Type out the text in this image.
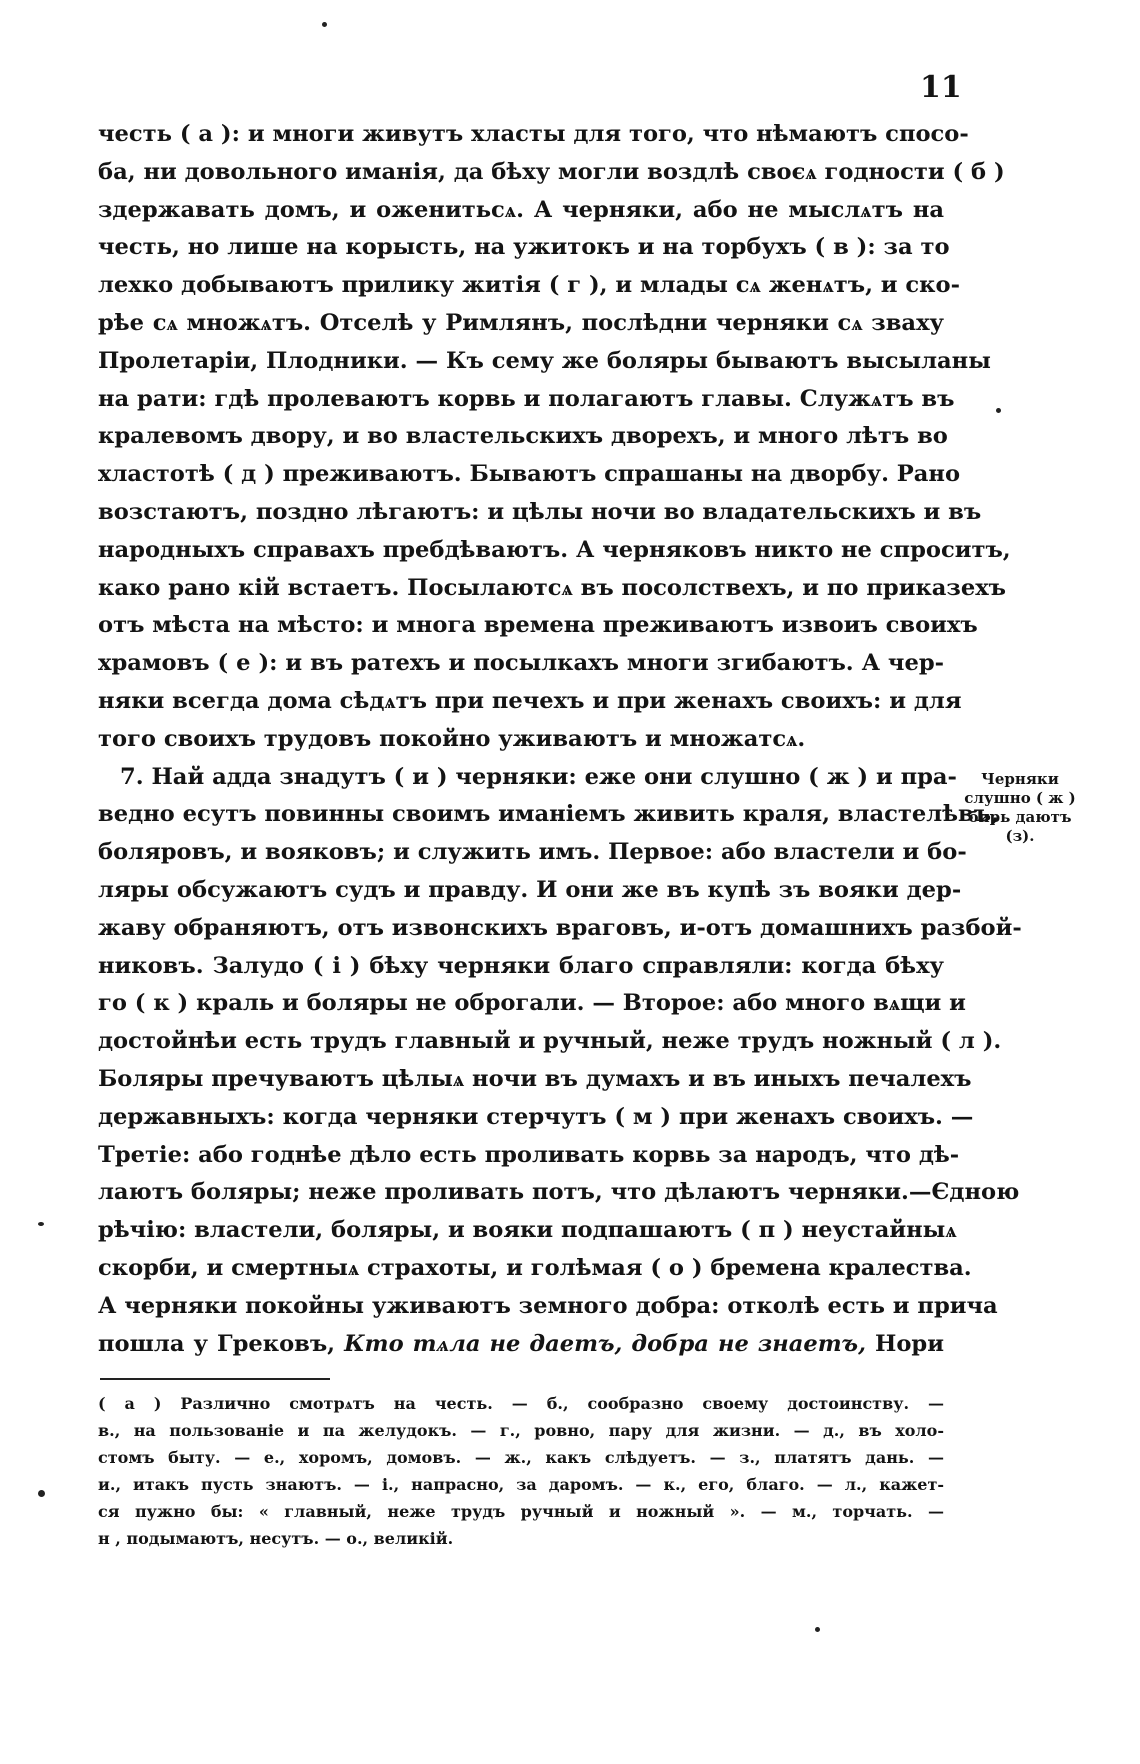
11
честь ( а ): и многи живутъ хласты для того, что нѣмаютъ спосо-
ба, ни довольного иманія, да бѣху могли воздлѣ своєѧ годности ( б )
здержавать домъ, и оженитьсѧ. А черняки, або не мыслѧтъ на
честь, но лише на корысть, на ужитокъ и на торбухъ ( в ): за то
лехко добываютъ прилику житія ( г ), и млады сѧ женѧтъ, и ско-
рѣе сѧ множѧтъ. Отселѣ у Римлянъ, послѣдни черняки сѧ зваху
Пролетаріи, Плодники. — Къ сему же боляры бываютъ высыланы
на рати: гдѣ пролеваютъ корвь и полагаютъ главы. Служѧтъ въ
кралевомъ двору, и во властельскихъ дворехъ, и много лѣтъ во
хластотѣ ( д ) преживаютъ. Бываютъ спрашаны на дворбу. Рано
возстаютъ, поздно лѣгаютъ: и цѣлы ночи во владательскихъ и въ
народныхъ справахъ пребдѣваютъ. А черняковъ никто не спроситъ,
како рано кій встаетъ. Посылаютсѧ въ посолствехъ, и по приказехъ
отъ мѣста на мѣсто: и многа времена преживаютъ извоиъ своихъ
храмовъ ( е ): и въ ратехъ и посылкахъ многи згибаютъ. А чер-
няки всегда дома сѣдѧтъ при печехъ и при женахъ своихъ: и для
того своихъ трудовъ покойно уживаютъ и множатсѧ.
7. Най адда знадутъ ( и ) черняки: еже они слушно ( ж ) и пра-
ведно есутъ повинны своимъ иманіемъ живить краля, властелѣвъ,
боляровъ, и вояковъ; и служить имъ. Первое: або властели и бо-
ляры обсужаютъ судъ и правду. И они же въ купѣ зъ вояки дер-
жаву обраняютъ, отъ извонскихъ враговъ, и-отъ домашнихъ разбой-
никовъ. Залудо ( і ) бѣху черняки благо справляли: когда бѣху
го ( к ) краль и боляры не оброгали. — Второе: або много вѧщи и
достойнѣи есть трудъ главный и ручный, неже трудъ ножный ( л ).
Боляры пречуваютъ цѣлыѧ ночи въ думахъ и въ иныхъ печалехъ
державныхъ: когда черняки стерчутъ ( м ) при женахъ своихъ. —
Третіе: або годнѣе дѣло есть проливать корвь за народъ, что дѣ-
лаютъ боляры; неже проливать потъ, что дѣлаютъ черняки.—Єдною
рѣчію: властели, боляры, и вояки подпашаютъ ( п ) неустайныѧ
скорби, и смертныѧ страхоты, и голѣмая ( о ) бремена кралества.
А черняки покойны уживаютъ земного добра: отколѣ есть и прича
пошла у Грековъ, Кто тѧла не даетъ, добра не знаетъ, Нори
Черняки слушно ( ж ) бирь даютъ (з).
( а ) Различно смотрѧтъ на честь. — б., сообразно своему достоинству. —
в., на пользованіе и па желудокъ. — г., ровно, пару для жизни. — д., въ холо-
стомъ быту. — е., хоромъ, домовъ. — ж., какъ слѣдуетъ. — з., платятъ дань. —
и., итакъ пусть знаютъ. — і., напрасно, за даромъ. — к., его, благо. — л., кажет-
ся пужно бы: « главный, неже трудъ ручный и ножный ». — м., торчать. —
н , подымаютъ, несутъ. — о., великій.
